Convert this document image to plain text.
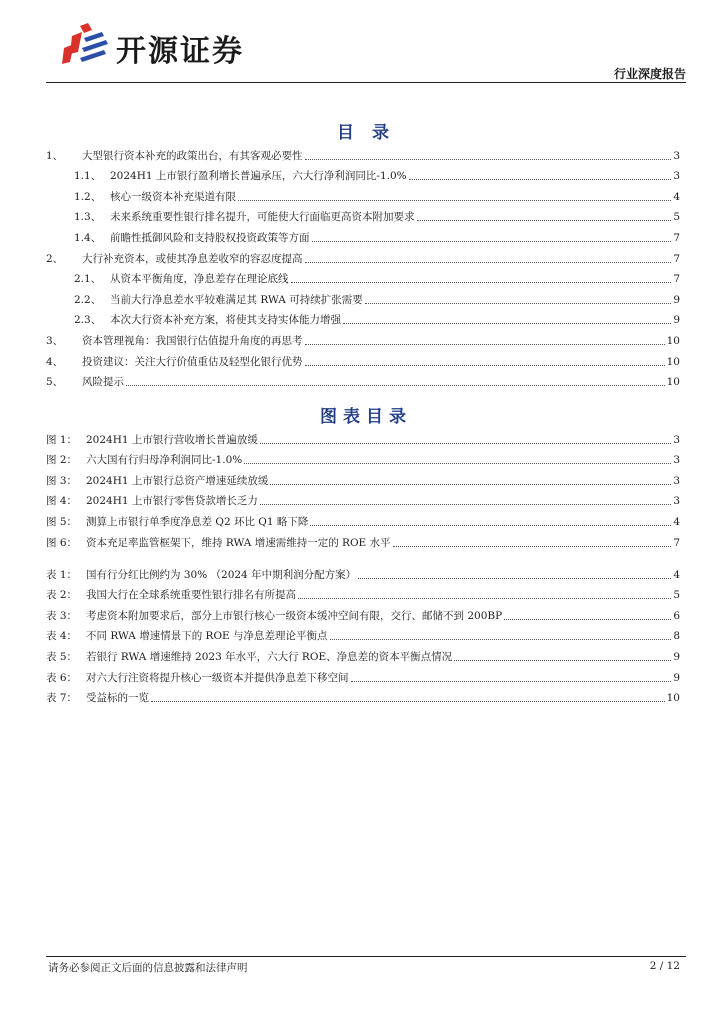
开源证券
行业深度报告
目 录
1、	大型银行资本补充的政策出台，有其客观必要性	3
1.1、 2024H1 上市银行盈利增长普遍承压，六大行净利润同比-1.0%	3
1.2、 核心一级资本补充渠道有限	4
1.3、 未来系统重要性银行排名提升，可能使大行面临更高资本附加要求	5
1.4、 前瞻性抵御风险和支持股权投资政策等方面	7
2、	大行补充资本，或使其净息差收窄的容忍度提高	7
2.1、 从资本平衡角度，净息差存在理论底线	7
2.2、 当前大行净息差水平较难满足其 RWA 可持续扩张需要	9
2.3、 本次大行资本补充方案，将使其支持实体能力增强	9
3、	资本管理视角：我国银行估值提升角度的再思考	10
4、	投资建议：关注大行价值重估及轻型化银行优势	10
5、	风险提示	10
图表目录
图 1： 2024H1 上市银行营收增长普遍放缓	3
图 2： 六大国有行归母净利润同比-1.0%	3
图 3： 2024H1 上市银行总资产增速延续放缓	3
图 4： 2024H1 上市银行零售贷款增长乏力	3
图 5： 测算上市银行单季度净息差 Q2 环比 Q1 略下降	4
图 6： 资本充足率监管框架下，维持 RWA 增速需维持一定的 ROE 水平	7
表 1： 国有行分红比例约为 30% （2024 年中期利润分配方案）	4
表 2： 我国大行在全球系统重要性银行排名有所提高	5
表 3： 考虑资本附加要求后，部分上市银行核心一级资本缓冲空间有限，交行、邮储不到 200BP	6
表 4： 不同 RWA 增速情景下的 ROE 与净息差理论平衡点	8
表 5： 若银行 RWA 增速维持 2023 年水平，六大行 ROE、净息差的资本平衡点情况	9
表 6： 对六大行注资将提升核心一级资本并提供净息差下移空间	9
表 7： 受益标的一览	10
请务必参阅正文后面的信息披露和法律声明	2 / 12
